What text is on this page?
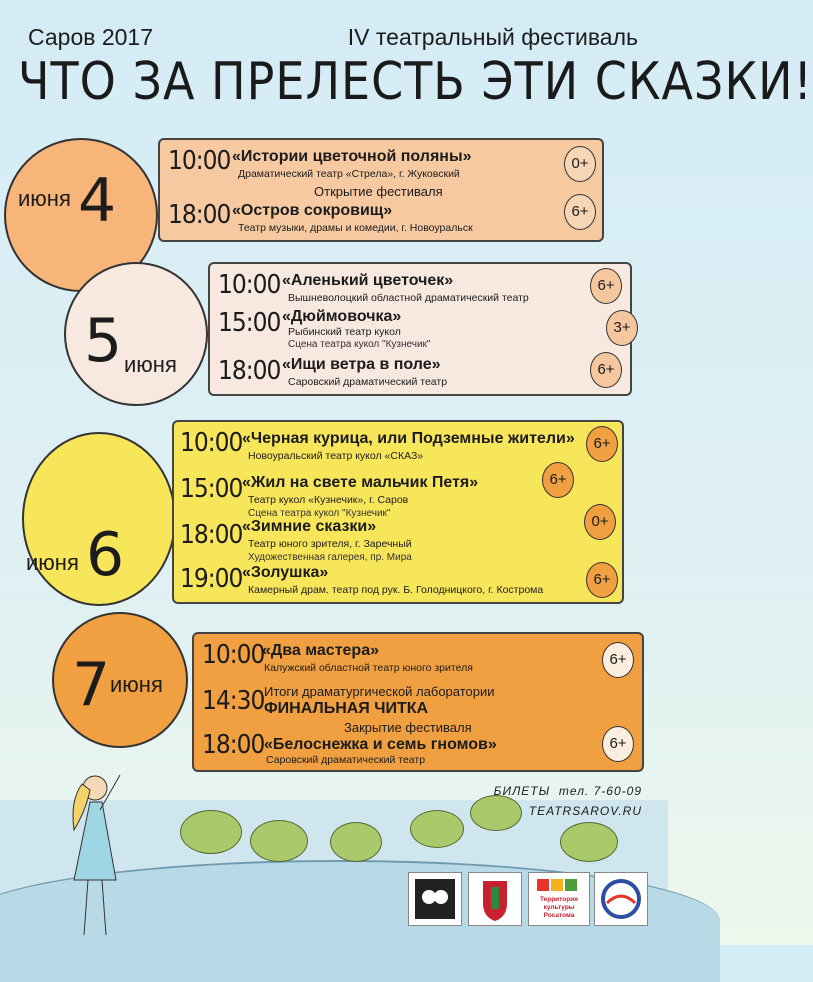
Саров 2017	IV театральный фестиваль
ЧТО ЗА ПРЕЛЕСТЬ ЭТИ СКАЗКИ!
июня 4
10:00 «Истории цветочной поляны»
Драматический театр «Стрела», г. Жуковский
0+
Открытие фестиваля
18:00 «Остров сокровищ»
Театр музыки, драмы и комедии, г. Новоуральск
6+
5 июня
10:00 «Аленький цветочек»
Вышневолоцкий областной драматический театр
6+
15:00 «Дюймовочка»
Рыбинский театр кукол
Сцена театра кукол "Кузнечик"
3+
18:00 «Ищи ветра в поле»
Саровский драматический театр
6+
июня 6
10:00 «Черная курица, или Подземные жители»
Новоуральский театр кукол «СКАЗ»
6+
15:00 «Жил на свете мальчик Петя»
Театр кукол «Кузнечик», г. Саров
Сцена театра кукол "Кузнечик"
6+
18:00 «Зимние сказки»
Театр юного зрителя, г. Заречный
Художественная галерея, пр. Мира
0+
19:00 «Золушка»
Камерный драм. театр под рук. Б. Голодницкого, г. Кострома
6+
7 июня
10:00
«Два мастера»
Калужский областной театр юного зрителя	6+
14:30 Итоги драматургической лаборатории
ФИНАЛЬНАЯ ЧИТКА
Закрытие фестиваля
18:00 «Белоснежка и семь гномов»
Саровский драматический театр
6+
БИЛЕТЫ  тел. 7-60-09
TEATRSAROV.RU
Территория культуры Росатома
